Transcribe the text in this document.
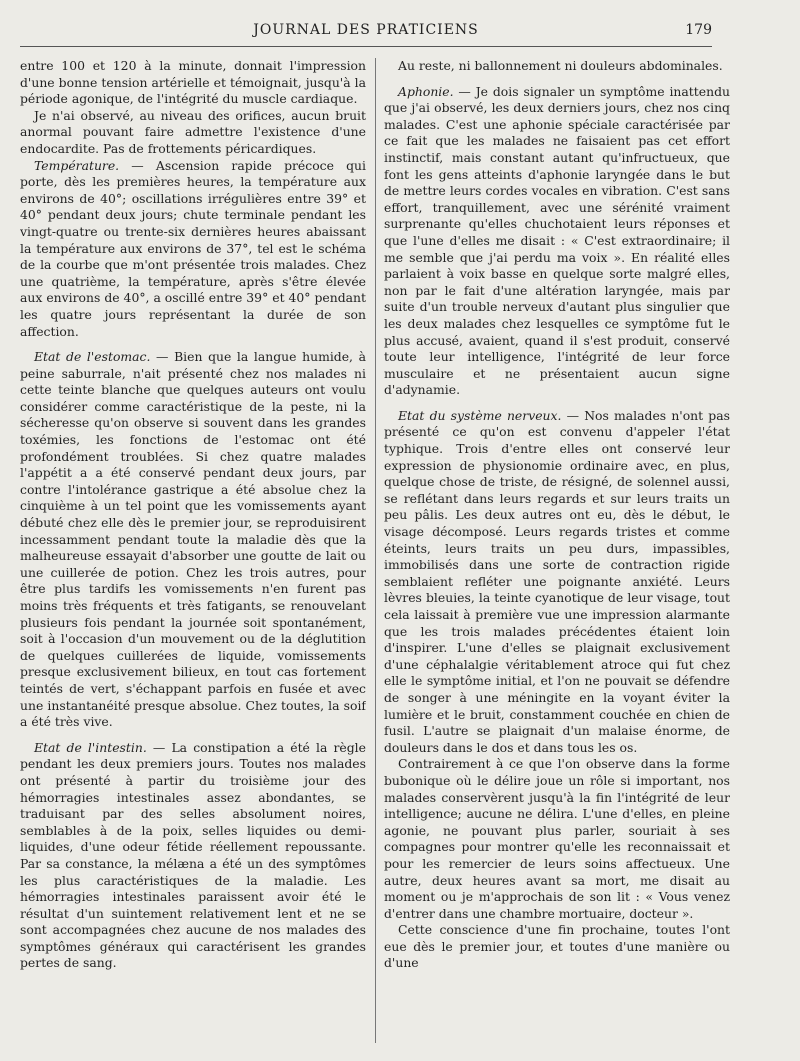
JOURNAL DES PRATICIENS	179

entre 100 et 120 à la minute, donnait l'impression d'une bonne tension artérielle et témoignait, jusqu'à la période agonique, de l'intégrité du muscle cardiaque.

Je n'ai observé, au niveau des orifices, aucun bruit anormal pouvant faire admettre l'existence d'une endocardite. Pas de frottements péricardiques.

Température. — Ascension rapide précoce qui porte, dès les premières heures, la température aux environs de 40°; oscillations irrégulières entre 39° et 40° pendant deux jours; chute terminale pendant les vingt-quatre ou trente-six dernières heures abaissant la température aux environs de 37°, tel est le schéma de la courbe que m'ont présentée trois malades. Chez une quatrième, la température, après s'être élevée aux environs de 40°, a oscillé entre 39° et 40° pendant les quatre jours représentant la durée de son affection.

Etat de l'estomac. — Bien que la langue humide, à peine saburrale, n'ait présenté chez nos malades ni cette teinte blanche que quelques auteurs ont voulu considérer comme caractéristique de la peste, ni la sécheresse qu'on observe si souvent dans les grandes toxémies, les fonctions de l'estomac ont été profondément troublées. Si chez quatre malades l'appétit a a été conservé pendant deux jours, par contre l'intolérance gastrique a été absolue chez la cinquième à un tel point que les vomissements ayant débuté chez elle dès le premier jour, se reproduisirent incessamment pendant toute la maladie dès que la malheureuse essayait d'absorber une goutte de lait ou une cuillerée de potion. Chez les trois autres, pour être plus tardifs les vomissements n'en furent pas moins très fréquents et très fatigants, se renouvelant plusieurs fois pendant la journée soit spontanément, soit à l'occasion d'un mouvement ou de la déglutition de quelques cuillerées de liquide, vomissements presque exclusivement bilieux, en tout cas fortement teintés de vert, s'échappant parfois en fusée et avec une instantanéité presque absolue. Chez toutes, la soif a été très vive.

Etat de l'intestin. — La constipation a été la règle pendant les deux premiers jours. Toutes nos malades ont présenté à partir du troisième jour des hémorragies intestinales assez abondantes, se traduisant par des selles absolument noires, semblables à de la poix, selles liquides ou demi-liquides, d'une odeur fétide réellement repoussante. Par sa constance, la mélæna a été un des symptômes les plus caractéristiques de la maladie. Les hémorragies intestinales paraissent avoir été le résultat d'un suintement relativement lent et ne se sont accompagnées chez aucune de nos malades des symptômes généraux qui caractérisent les grandes pertes de sang.

Au reste, ni ballonnement ni douleurs abdominales.

Aphonie. — Je dois signaler un symptôme inattendu que j'ai observé, les deux derniers jours, chez nos cinq malades. C'est une aphonie spéciale caractérisée par ce fait que les malades ne faisaient pas cet effort instinctif, mais constant autant qu'infructueux, que font les gens atteints d'aphonie laryngée dans le but de mettre leurs cordes vocales en vibration. C'est sans effort, tranquillement, avec une sérénité vraiment surprenante qu'elles chuchotaient leurs réponses et que l'une d'elles me disait : « C'est extraordinaire; il me semble que j'ai perdu ma voix ». En réalité elles parlaient à voix basse en quelque sorte malgré elles, non par le fait d'une altération laryngée, mais par suite d'un trouble nerveux d'autant plus singulier que les deux malades chez lesquelles ce symptôme fut le plus accusé, avaient, quand il s'est produit, conservé toute leur intelligence, l'intégrité de leur force musculaire et ne présentaient aucun signe d'adynamie.

Etat du système nerveux. — Nos malades n'ont pas présenté ce qu'on est convenu d'appeler l'état typhique. Trois d'entre elles ont conservé leur expression de physionomie ordinaire avec, en plus, quelque chose de triste, de résigné, de solennel aussi, se reflétant dans leurs regards et sur leurs traits un peu pâlis. Les deux autres ont eu, dès le début, le visage décomposé. Leurs regards tristes et comme éteints, leurs traits un peu durs, impassibles, immobilisés dans une sorte de contraction rigide semblaient refléter une poignante anxiété. Leurs lèvres bleuies, la teinte cyanotique de leur visage, tout cela laissait à première vue une impression alarmante que les trois malades précédentes étaient loin d'inspirer. L'une d'elles se plaignait exclusivement d'une céphalalgie véritablement atroce qui fut chez elle le symptôme initial, et l'on ne pouvait se défendre de songer à une méningite en la voyant éviter la lumière et le bruit, constamment couchée en chien de fusil. L'autre se plaignait d'un malaise énorme, de douleurs dans le dos et dans tous les os.

Contrairement à ce que l'on observe dans la forme bubonique où le délire joue un rôle si important, nos malades conservèrent jusqu'à la fin l'intégrité de leur intelligence; aucune ne délira. L'une d'elles, en pleine agonie, ne pouvant plus parler, souriait à ses compagnes pour montrer qu'elle les reconnaissait et pour les remercier de leurs soins affectueux. Une autre, deux heures avant sa mort, me disait au moment ou je m'approchais de son lit : « Vous venez d'entrer dans une chambre mortuaire, docteur ».

Cette conscience d'une fin prochaine, toutes l'ont eue dès le premier jour, et toutes d'une manière ou d'une
